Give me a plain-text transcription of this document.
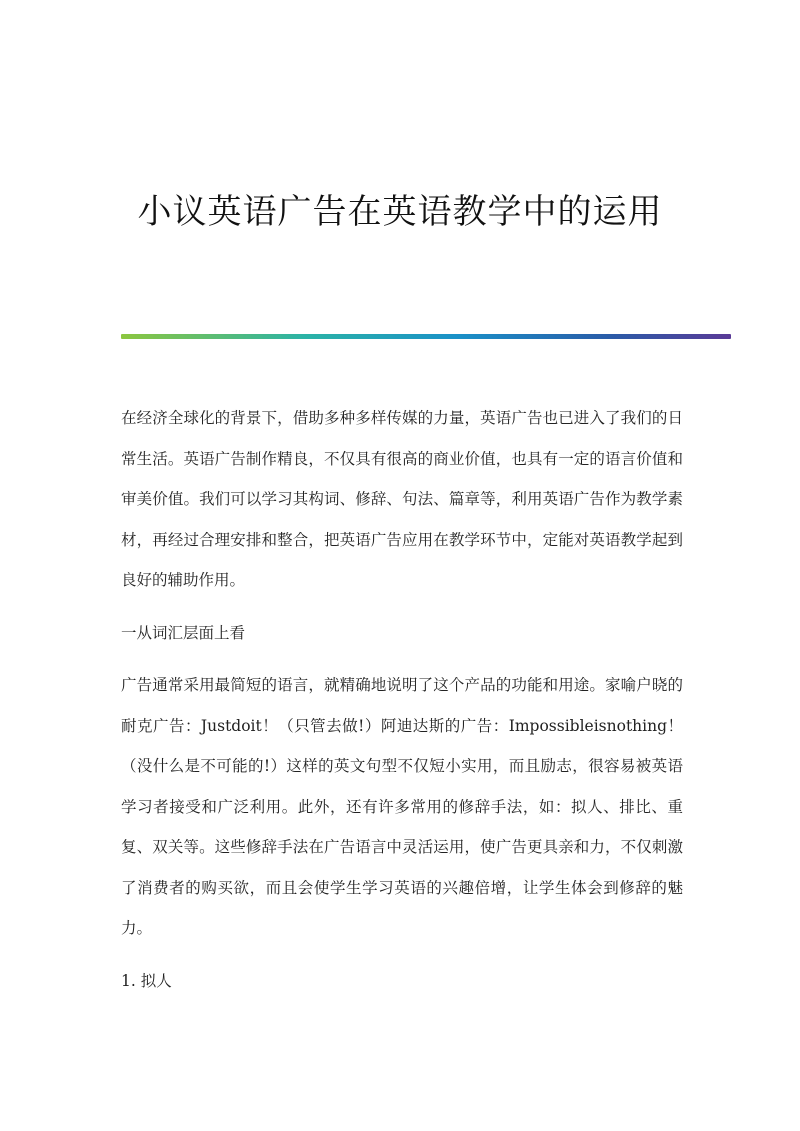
小议英语广告在英语教学中的运用

在经济全球化的背景下，借助多种多样传媒的力量，英语广告也已进入了我们的日常生活。英语广告制作精良，不仅具有很高的商业价值，也具有一定的语言价值和审美价值。我们可以学习其构词、修辞、句法、篇章等，利用英语广告作为教学素材，再经过合理安排和整合，把英语广告应用在教学环节中，定能对英语教学起到良好的辅助作用。

一从词汇层面上看

广告通常采用最简短的语言，就精确地说明了这个产品的功能和用途。家喻户晓的耐克广告：Justdoit！（只管去做!）阿迪达斯的广告：Impossibleisnothing！（没什么是不可能的!）这样的英文句型不仅短小实用，而且励志，很容易被英语学习者接受和广泛利用。此外，还有许多常用的修辞手法，如：拟人、排比、重复、双关等。这些修辞手法在广告语言中灵活运用，使广告更具亲和力，不仅刺激了消费者的购买欲，而且会使学生学习英语的兴趣倍增，让学生体会到修辞的魅力。

1. 拟人
